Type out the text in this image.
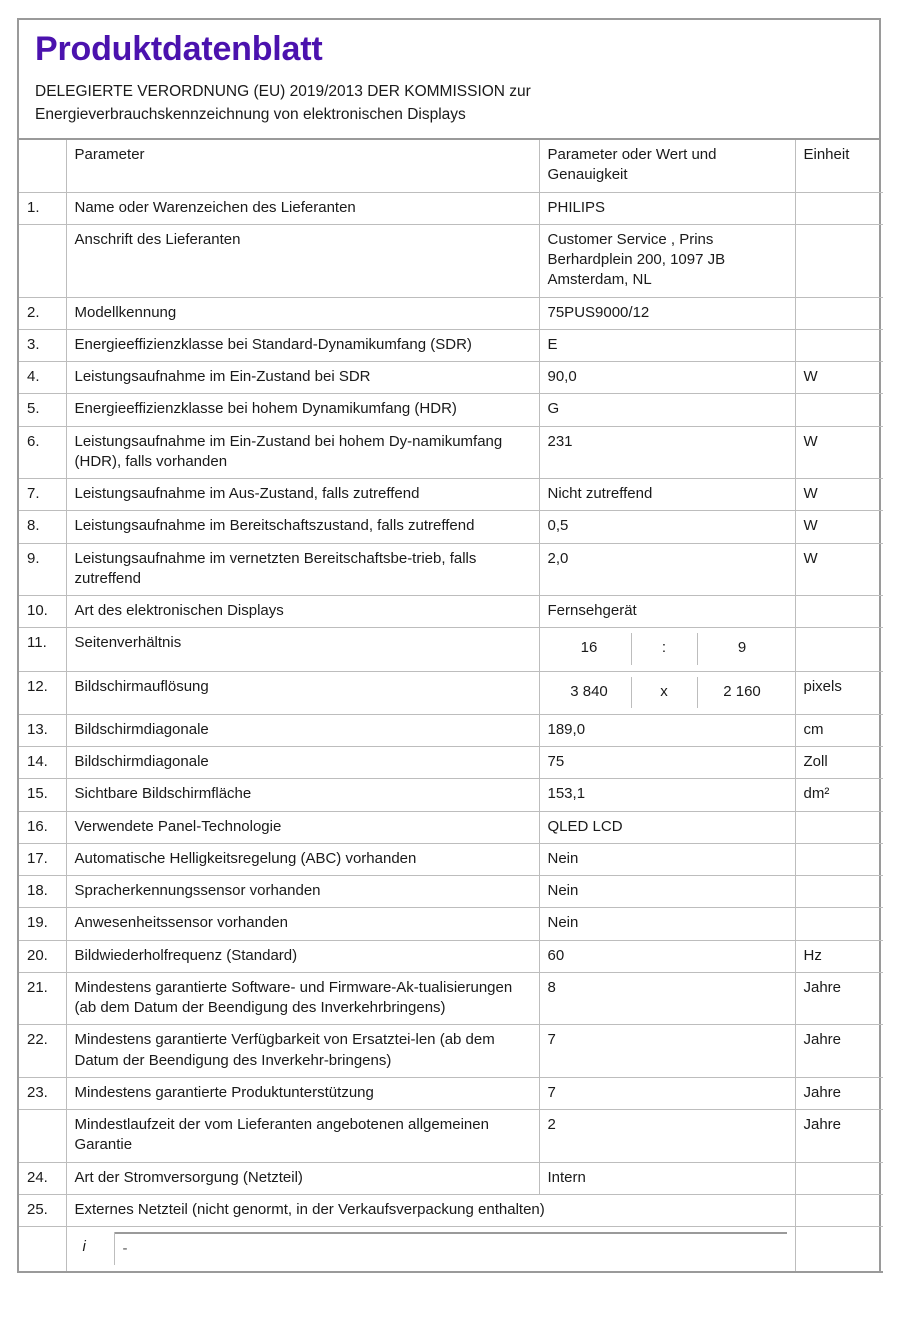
Produktdatenblatt
DELEGIERTE VERORDNUNG (EU) 2019/2013 DER KOMMISSION zur
Energieverbrauchskennzeichnung von elektronischen Displays
	Parameter	Parameter oder Wert und Genauigkeit	Einheit
1.	Name oder Warenzeichen des Lieferanten	PHILIPS	
	Anschrift des Lieferanten	Customer Service , Prins Berhardplein 200, 1097 JB Amsterdam, NL	
2.	Modellkennung	75PUS9000/12	
3.	Energieeffizienzklasse bei Standard-Dynamikumfang (SDR)	E	
4.	Leistungsaufnahme im Ein-Zustand bei SDR	90,0	W
5.	Energieeffizienzklasse bei hohem Dynamikumfang (HDR)	G	
6.	Leistungsaufnahme im Ein-Zustand bei hohem Dy-namikumfang (HDR), falls vorhanden	231	W
7.	Leistungsaufnahme im Aus-Zustand, falls zutreffend	Nicht zutreffend	W
8.	Leistungsaufnahme im Bereitschaftszustand, falls zutreffend	0,5	W
9.	Leistungsaufnahme im vernetzten Bereitschaftsbe-trieb, falls zutreffend	2,0	W
10.	Art des elektronischen Displays	Fernsehgerät	
11.	Seitenverhältnis	16 : 9	

12.	Bildschirmauflösung	3 840 x 2 160	pixels
13.	Bildschirmdiagonale	189,0	cm
14.	Bildschirmdiagonale	75	Zoll
15.	Sichtbare Bildschirmfläche	153,1	dm²
16.	Verwendete Panel-Technologie	QLED LCD	
17.	Automatische Helligkeitsregelung (ABC) vorhanden	Nein	
18.	Spracherkennungssensor vorhanden	Nein	
19.	Anwesenheitssensor vorhanden	Nein	
20.	Bildwiederholfrequenz (Standard)	60	Hz
21.	Mindestens garantierte Software- und Firmware-Ak-tualisierungen (ab dem Datum der Beendigung des Inverkehrbringens)	8	Jahre
22.	Mindestens garantierte Verfügbarkeit von Ersatztei-len (ab dem Datum der Beendigung des Inverkehr-bringens)	7	Jahre
23.	Mindestens garantierte Produktunterstützung	7	Jahre
	Mindestlaufzeit der vom Lieferanten angebotenen allgemeinen Garantie	2	Jahre
24.	Art der Stromversorgung (Netzteil)	Intern	
25.	Externes Netzteil (nicht genormt, in der Verkaufsverpackung enthalten)		

	i -		
